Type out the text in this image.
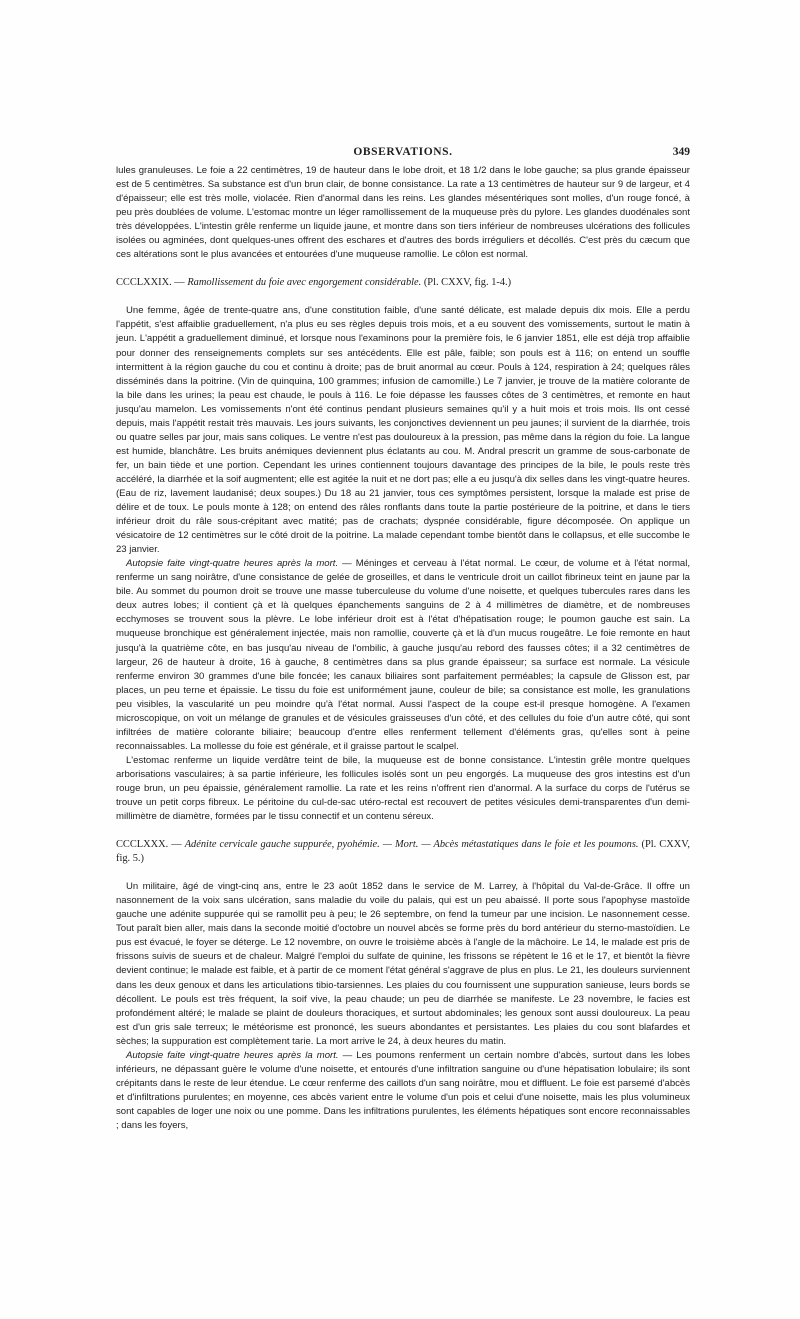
OBSERVATIONS.	349

lules granuleuses. Le foie a 22 centimètres, 19 de hauteur dans le lobe droit, et 18 1/2 dans le lobe gauche; sa plus grande épaisseur est de 5 centimètres. Sa substance est d'un brun clair, de bonne consistance. La rate a 13 centimètres de hauteur sur 9 de largeur, et 4 d'épaisseur; elle est très molle, violacée. Rien d'anormal dans les reins. Les glandes mésentériques sont molles, d'un rouge foncé, à peu près doublées de volume. L'estomac montre un léger ramollissement de la muqueuse près du pylore. Les glandes duodénales sont très développées. L'intestin grêle renferme un liquide jaune, et montre dans son tiers inférieur de nombreuses ulcérations des follicules isolées ou agminées, dont quelques-unes offrent des eschares et d'autres des bords irréguliers et décollés. C'est près du cæcum que ces altérations sont le plus avancées et entourées d'une muqueuse ramollie. Le côlon est normal.

CCCLXXIX. — Ramollissement du foie avec engorgement considérable. (Pl. CXXV, fig. 1-4.)

Une femme, âgée de trente-quatre ans, d'une constitution faible, d'une santé délicate, est malade depuis dix mois. Elle a perdu l'appétit, s'est affaiblie graduellement, n'a plus eu ses règles depuis trois mois, et a eu souvent des vomissements, surtout le matin à jeun. L'appétit a graduellement diminué, et lorsque nous l'examinons pour la première fois, le 6 janvier 1851, elle est déjà trop affaiblie pour donner des renseignements complets sur ses antécédents. Elle est pâle, faible; son pouls est à 116; on entend un souffle intermittent à la région gauche du cou et continu à droite; pas de bruit anormal au cœur. Pouls à 124, respiration à 24; quelques râles disséminés dans la poitrine. (Vin de quinquina, 100 grammes; infusion de camomille.) Le 7 janvier, je trouve de la matière colorante de la bile dans les urines; la peau est chaude, le pouls à 116. Le foie dépasse les fausses côtes de 3 centimètres, et remonte en haut jusqu'au mamelon. Les vomissements n'ont été continus pendant plusieurs semaines qu'il y a huit mois et trois mois. Ils ont cessé depuis, mais l'appétit restait très mauvais. Les jours suivants, les conjonctives deviennent un peu jaunes; il survient de la diarrhée, trois ou quatre selles par jour, mais sans coliques. Le ventre n'est pas douloureux à la pression, pas même dans la région du foie. La langue est humide, blanchâtre. Les bruits anémiques deviennent plus éclatants au cou. M. Andral prescrit un gramme de sous-carbonate de fer, un bain tiède et une portion. Cependant les urines contiennent toujours davantage des principes de la bile, le pouls reste très accéléré, la diarrhée et la soif augmentent; elle est agitée la nuit et ne dort pas; elle a eu jusqu'à dix selles dans les vingt-quatre heures. (Eau de riz, lavement laudanisé; deux soupes.) Du 18 au 21 janvier, tous ces symptômes persistent, lorsque la malade est prise de délire et de toux. Le pouls monte à 128; on entend des râles ronflants dans toute la partie postérieure de la poitrine, et dans le tiers inférieur droit du râle sous-crépitant avec matité; pas de crachats; dyspnée considérable, figure décomposée. On applique un vésicatoire de 12 centimètres sur le côté droit de la poitrine. La malade cependant tombe bientôt dans le collapsus, et elle succombe le 23 janvier.

Autopsie faite vingt-quatre heures après la mort. — Méninges et cerveau à l'état normal. Le cœur, de volume et à l'état normal, renferme un sang noirâtre, d'une consistance de gelée de groseilles, et dans le ventricule droit un caillot fibrineux teint en jaune par la bile. Au sommet du poumon droit se trouve une masse tuberculeuse du volume d'une noisette, et quelques tubercules rares dans les deux autres lobes; il contient çà et là quelques épanchements sanguins de 2 à 4 millimètres de diamètre, et de nombreuses ecchymoses se trouvent sous la plèvre. Le lobe inférieur droit est à l'état d'hépatisation rouge; le poumon gauche est sain. La muqueuse bronchique est généralement injectée, mais non ramollie, couverte çà et là d'un mucus rougeâtre. Le foie remonte en haut jusqu'à la quatrième côte, en bas jusqu'au niveau de l'ombilic, à gauche jusqu'au rebord des fausses côtes; il a 32 centimètres de largeur, 26 de hauteur à droite, 16 à gauche, 8 centimètres dans sa plus grande épaisseur; sa surface est normale. La vésicule renferme environ 30 grammes d'une bile foncée; les canaux biliaires sont parfaitement perméables; la capsule de Glisson est, par places, un peu terne et épaissie. Le tissu du foie est uniformément jaune, couleur de bile; sa consistance est molle, les granulations peu visibles, la vascularité un peu moindre qu'à l'état normal. Aussi l'aspect de la coupe est-il presque homogène. A l'examen microscopique, on voit un mélange de granules et de vésicules graisseuses d'un côté, et des cellules du foie d'un autre côté, qui sont infiltrées de matière colorante biliaire; beaucoup d'entre elles renferment tellement d'éléments gras, qu'elles sont à peine reconnaissables. La mollesse du foie est générale, et il graisse partout le scalpel.

L'estomac renferme un liquide verdâtre teint de bile, la muqueuse est de bonne consistance. L'intestin grêle montre quelques arborisations vasculaires; à sa partie inférieure, les follicules isolés sont un peu engorgés. La muqueuse des gros intestins est d'un rouge brun, un peu épaissie, généralement ramollie. La rate et les reins n'offrent rien d'anormal. A la surface du corps de l'utérus se trouve un petit corps fibreux. Le péritoine du cul-de-sac utéro-rectal est recouvert de petites vésicules demi-transparentes d'un demi-millimètre de diamètre, formées par le tissu connectif et un contenu séreux.

CCCLXXX. — Adénite cervicale gauche suppurée, pyohémie. — Mort. — Abcès métastatiques dans le foie et les poumons. (Pl. CXXV, fig. 5.)

Un militaire, âgé de vingt-cinq ans, entre le 23 août 1852 dans le service de M. Larrey, à l'hôpital du Val-de-Grâce. Il offre un nasonnement de la voix sans ulcération, sans maladie du voile du palais, qui est un peu abaissé. Il porte sous l'apophyse mastoïde gauche une adénite suppurée qui se ramollit peu à peu; le 26 septembre, on fend la tumeur par une incision. Le nasonnement cesse. Tout paraît bien aller, mais dans la seconde moitié d'octobre un nouvel abcès se forme près du bord antérieur du sterno-mastoïdien. Le pus est évacué, le foyer se déterge. Le 12 novembre, on ouvre le troisième abcès à l'angle de la mâchoire. Le 14, le malade est pris de frissons suivis de sueurs et de chaleur. Malgré l'emploi du sulfate de quinine, les frissons se répètent le 16 et le 17, et bientôt la fièvre devient continue; le malade est faible, et à partir de ce moment l'état général s'aggrave de plus en plus. Le 21, les douleurs surviennent dans les deux genoux et dans les articulations tibio-tarsiennes. Les plaies du cou fournissent une suppuration sanieuse, leurs bords se décollent. Le pouls est très fréquent, la soif vive, la peau chaude; un peu de diarrhée se manifeste. Le 23 novembre, le facies est profondément altéré; le malade se plaint de douleurs thoraciques, et surtout abdominales; les genoux sont aussi douloureux. La peau est d'un gris sale terreux; le météorisme est prononcé, les sueurs abondantes et persistantes. Les plaies du cou sont blafardes et sèches; la suppuration est complètement tarie. La mort arrive le 24, à deux heures du matin.

Autopsie faite vingt-quatre heures après la mort. — Les poumons renferment un certain nombre d'abcès, surtout dans les lobes inférieurs, ne dépassant guère le volume d'une noisette, et entourés d'une infiltration sanguine ou d'une hépatisation lobulaire; ils sont crépitants dans le reste de leur étendue. Le cœur renferme des caillots d'un sang noirâtre, mou et diffluent. Le foie est parsemé d'abcès et d'infiltrations purulentes; en moyenne, ces abcès varient entre le volume d'un pois et celui d'une noisette, mais les plus volumineux sont capables de loger une noix ou une pomme. Dans les infiltrations purulentes, les éléments hépatiques sont encore reconnaissables ; dans les foyers,
